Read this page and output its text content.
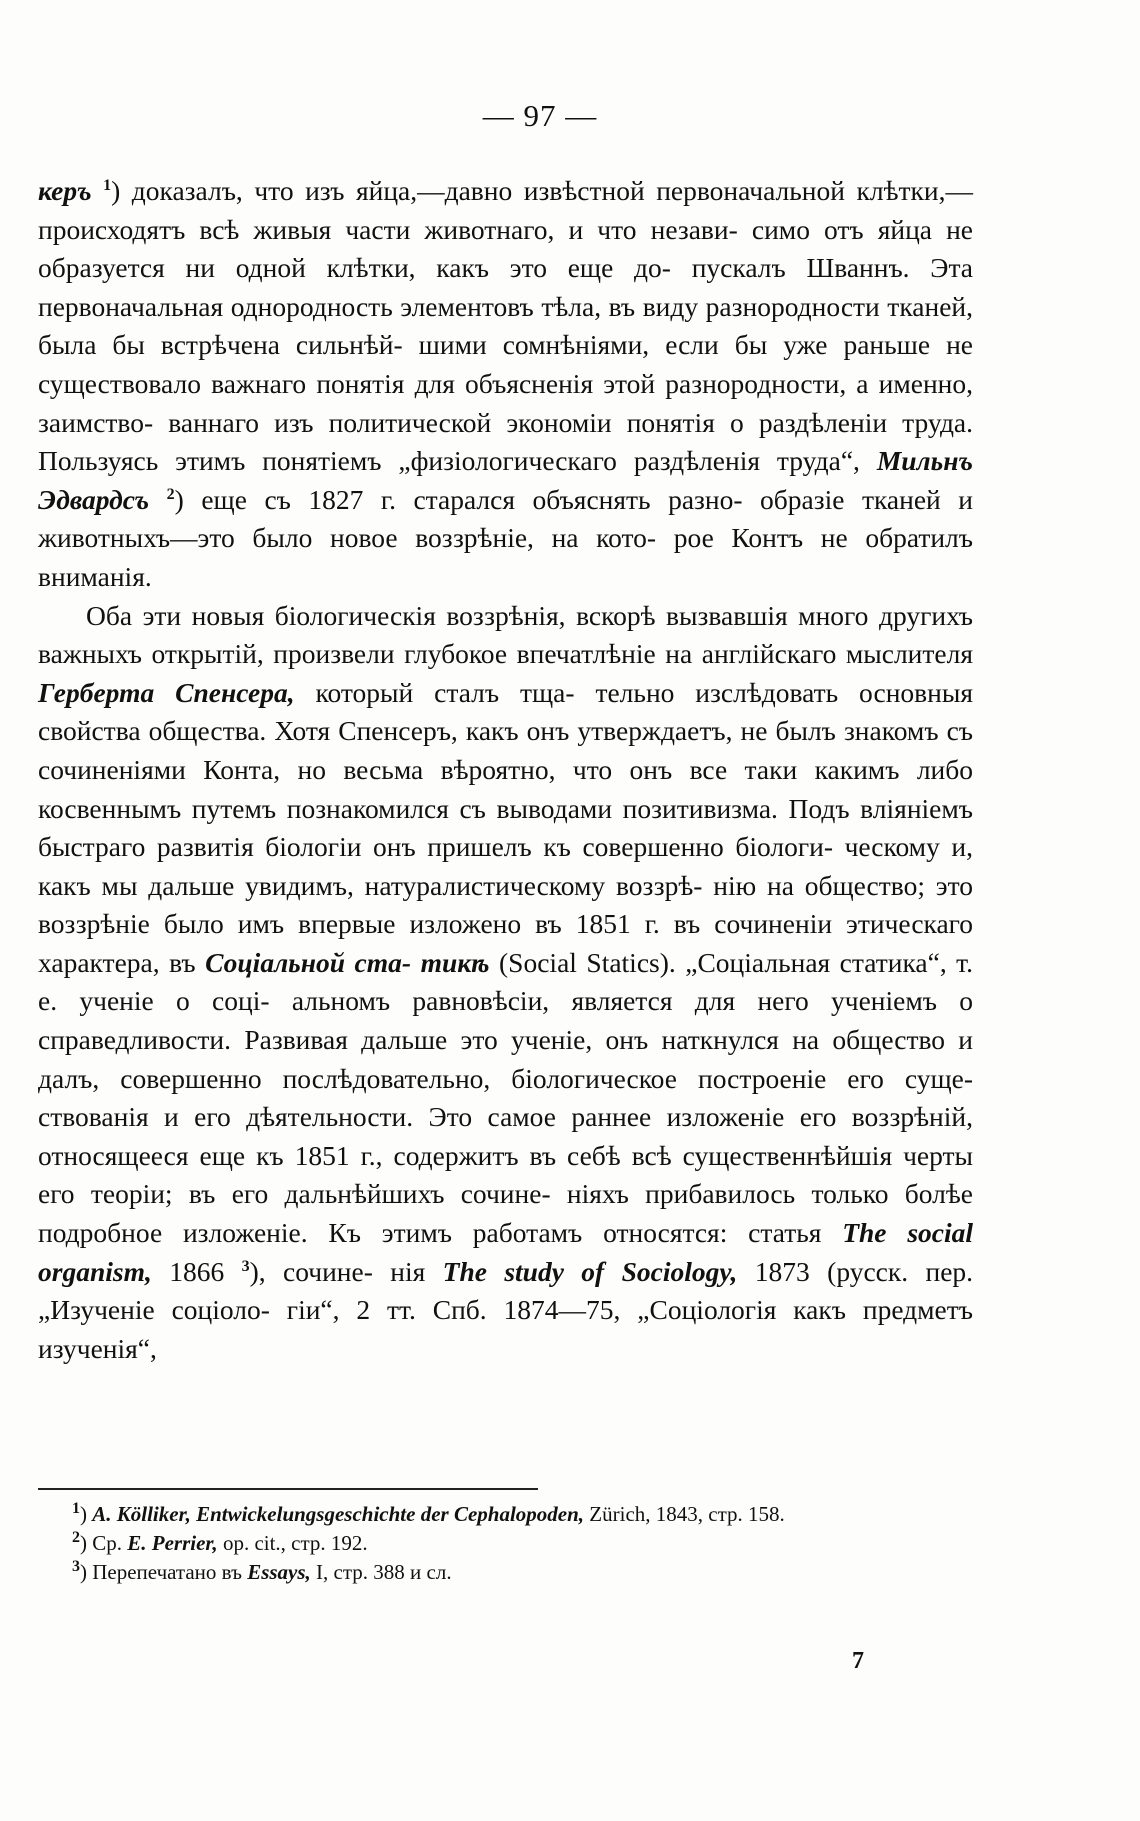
— 97 —

керъ $^1$) доказалъ, что изъ яйца,—давно извѣстной первоначальной клѣтки,—происходятъ всѣ живыя части животнаго, и что незави- симо отъ яйца не образуется ни одной клѣтки, какъ это еще до- пускалъ Шваннъ. Эта первоначальная однородность элементовъ тѣла, въ виду разнородности тканей, была бы встрѣчена сильнѣй- шими сомнѣніями, если бы уже раньше не существовало важнаго понятія для объясненія этой разнородности, а именно, заимство- ваннаго изъ политической экономіи понятія о раздѣленіи труда. Пользуясь этимъ понятіемъ „физіологическаго раздѣленія труда“, Мильнъ Эдвардсъ $^2$) еще съ 1827 г. старался объяснять разно- образіе тканей и животныхъ—это было новое воззрѣніе, на кото- рое Контъ не обратилъ вниманія.

Оба эти новыя біологическія воззрѣнія, вскорѣ вызвавшія много другихъ важныхъ открытій, произвели глубокое впечатлѣніе на англійскаго мыслителя Герберта Спенсера, который сталъ тща- тельно изслѣдовать основныя свойства общества. Хотя Спенсеръ, какъ онъ утверждаетъ, не былъ знакомъ съ сочиненіями Конта, но весьма вѣроятно, что онъ все таки какимъ либо косвеннымъ путемъ познакомился съ выводами позитивизма. Подъ вліяніемъ быстраго развитія біологіи онъ пришелъ къ совершенно біологи- ческому и, какъ мы дальше увидимъ, натуралистическому воззрѣ- нію на общество; это воззрѣніе было имъ впервые изложено въ 1851 г. въ сочиненіи этическаго характера, въ Соціальной ста- тикѣ (Social Statics). „Соціальная статика“, т. е. ученіе о соці- альномъ равновѣсіи, является для него ученіемъ о справедливости. Развивая дальше это ученіе, онъ наткнулся на общество и далъ, совершенно послѣдовательно, біологическое построеніе его суще- ствованія и его дѣятельности. Это самое раннее изложеніе его воззрѣній, относящееся еще къ 1851 г., содержитъ въ себѣ всѣ существеннѣйшія черты его теоріи; въ его дальнѣйшихъ сочине- ніяхъ прибавилось только болѣе подробное изложеніе. Къ этимъ работамъ относятся: статья The social organism, 1866 $^3$), сочине- нія The study of Sociology, 1873 (русск. пер. „Изученіе соціоло- гіи“, 2 тт. Спб. 1874—75, „Соціологія какъ предметъ изученія“,

$^1$) A. Kölliker, Entwickelungsgeschichte der Cephalopoden, Zürich, 1843, стр. 158.

$^2$) Ср. E. Perrier, op. cit., стр. 192.

$^3$) Перепечатано въ Essays, I, стр. 388 и сл.

7
